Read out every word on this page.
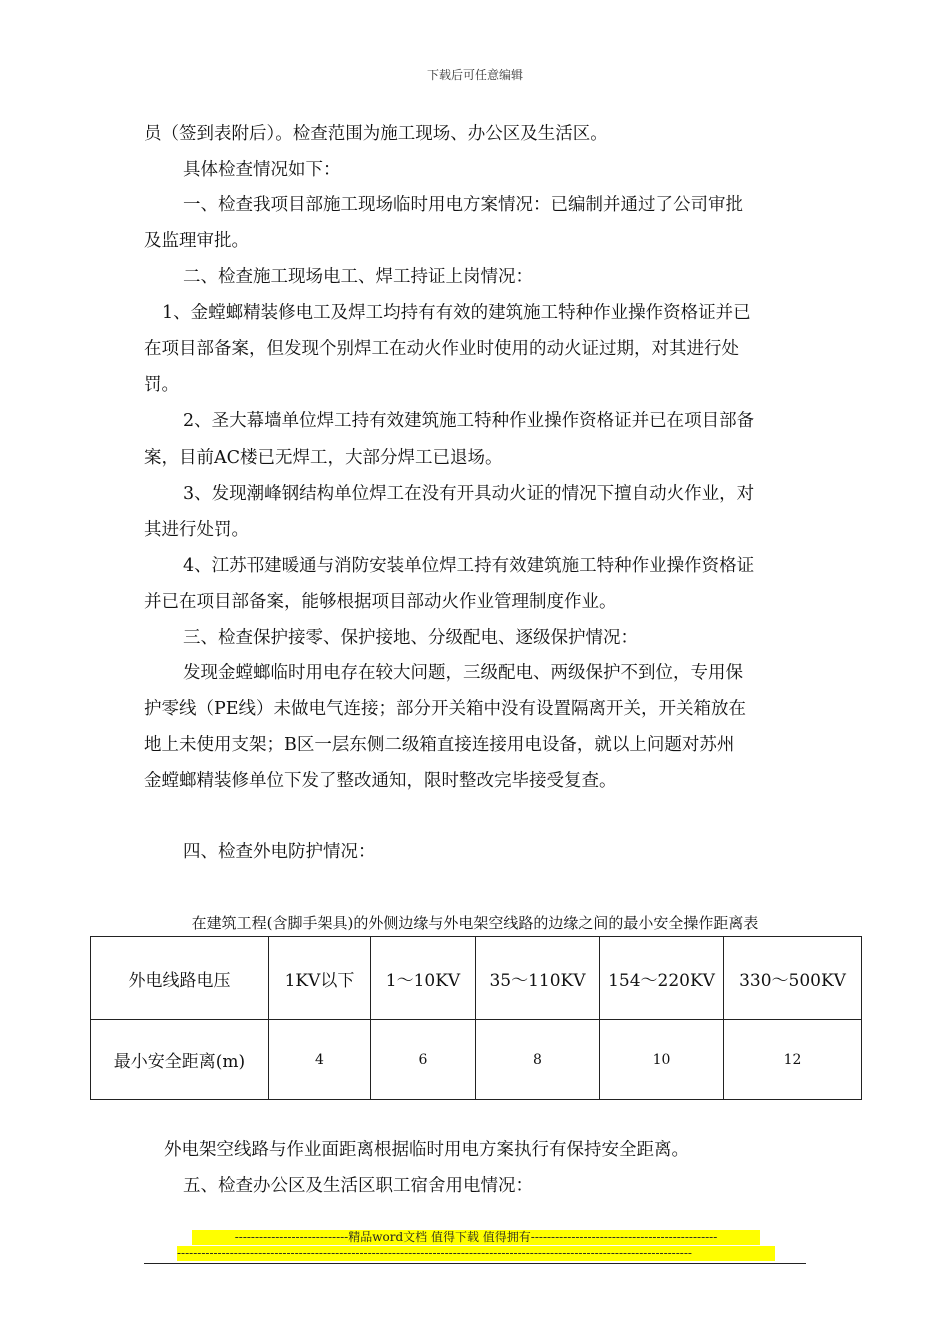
下载后可任意编辑
员（签到表附后）。检查范围为施工现场、办公区及生活区。
具体检查情况如下：
一、检查我项目部施工现场临时用电方案情况：已编制并通过了公司审批
及监理审批。
二、检查施工现场电工、焊工持证上岗情况：
1、金螳螂精装修电工及焊工均持有有效的建筑施工特种作业操作资格证并已
在项目部备案，但发现个别焊工在动火作业时使用的动火证过期，对其进行处
罚。
2、圣大幕墙单位焊工持有效建筑施工特种作业操作资格证并已在项目部备
案，目前AC楼已无焊工，大部分焊工已退场。
3、发现潮峰钢结构单位焊工在没有开具动火证的情况下擅自动火作业，对
其进行处罚。
4、江苏邗建暖通与消防安装单位焊工持有效建筑施工特种作业操作资格证
并已在项目部备案，能够根据项目部动火作业管理制度作业。
三、检查保护接零、保护接地、分级配电、逐级保护情况：
发现金螳螂临时用电存在较大问题，三级配电、两级保护不到位，专用保
护零线（PE线）未做电气连接；部分开关箱中没有设置隔离开关，开关箱放在
地上未使用支架；B区一层东侧二级箱直接连接用电设备，就以上问题对苏州
金螳螂精装修单位下发了整改通知，限时整改完毕接受复查。
四、检查外电防护情况：
在建筑工程(含脚手架具)的外侧边缘与外电架空线路的边缘之间的最小安全操作距离表
外电线路电压	1KV以下	1～10KV	35～110KV	154～220KV	330～500KV
最小安全距离(m)	4	6	8	10	12
外电架空线路与作业面距离根据临时用电方案执行有保持安全距离。
五、检查办公区及生活区职工宿舍用电情况：
----------------------------精品word文档 值得下载 值得拥有----------------------------------------------
-------------------------------------------------------------------------------------------------------------------------------
